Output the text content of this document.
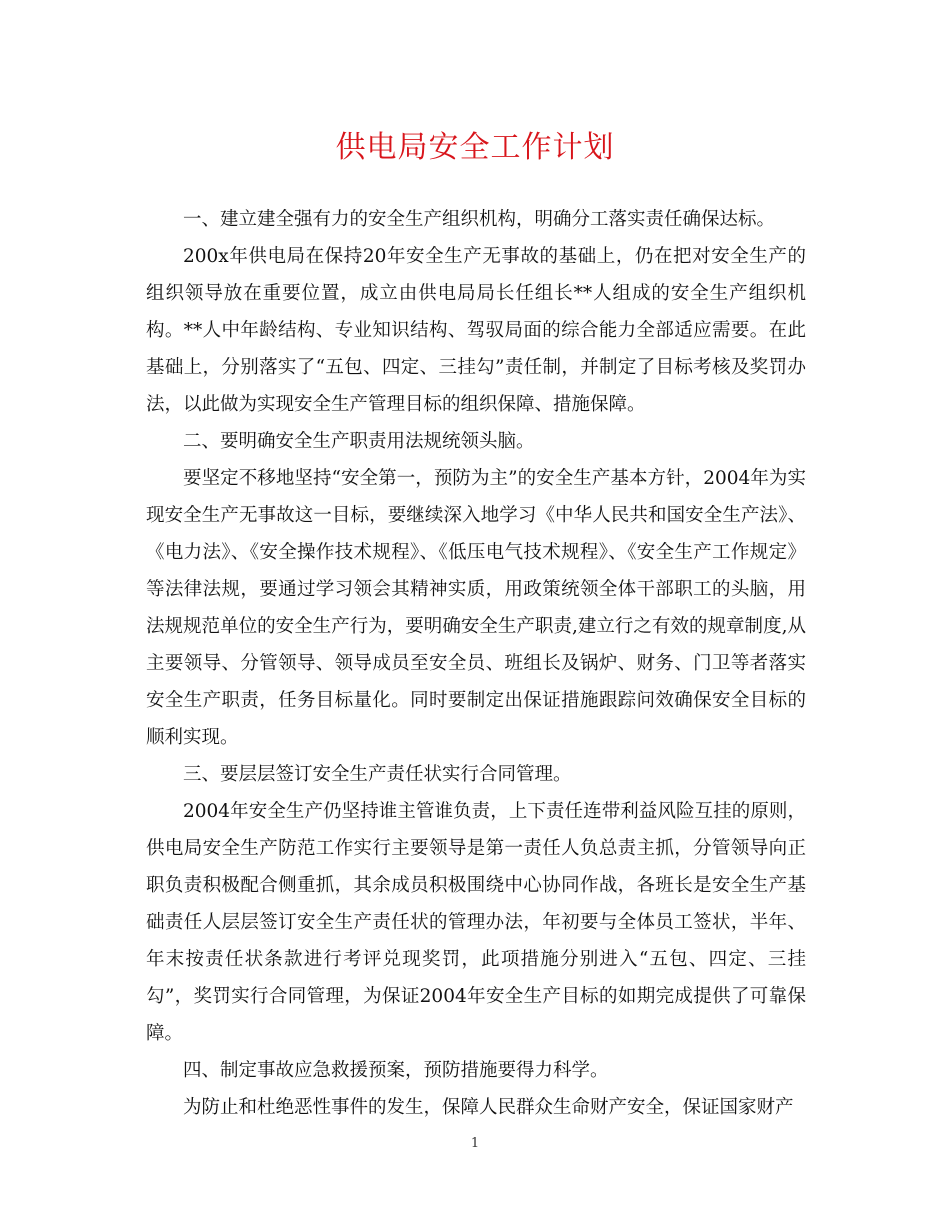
供电局安全工作计划

一、建立建全强有力的安全生产组织机构，明确分工落实责任确保达标。

200x年供电局在保持20年安全生产无事故的基础上，仍在把对安全生产的组织领导放在重要位置，成立由供电局局长任组长**人组成的安全生产组织机构。**人中年龄结构、专业知识结构、驾驭局面的综合能力全部适应需要。在此基础上，分别落实了“五包、四定、三挂勾”责任制，并制定了目标考核及奖罚办法，以此做为实现安全生产管理目标的组织保障、措施保障。

二、要明确安全生产职责用法规统领头脑。

要坚定不移地坚持“安全第一，预防为主”的安全生产基本方针，2004年为实现安全生产无事故这一目标，要继续深入地学习《中华人民共和国安全生产法》、《电力法》、《安全操作技术规程》、《低压电气技术规程》、《安全生产工作规定》等法律法规，要通过学习领会其精神实质，用政策统领全体干部职工的头脑，用法规规范单位的安全生产行为，要明确安全生产职责,建立行之有效的规章制度,从主要领导、分管领导、领导成员至安全员、班组长及锅炉、财务、门卫等者落实安全生产职责，任务目标量化。同时要制定出保证措施跟踪问效确保安全目标的顺利实现。

三、要层层签订安全生产责任状实行合同管理。

2004年安全生产仍坚持谁主管谁负责，上下责任连带利益风险互挂的原则，供电局安全生产防范工作实行主要领导是第一责任人负总责主抓，分管领导向正职负责积极配合侧重抓，其余成员积极围绕中心协同作战，各班长是安全生产基础责任人层层签订安全生产责任状的管理办法，年初要与全体员工签状，半年、年末按责任状条款进行考评兑现奖罚，此项措施分别进入“五包、四定、三挂勾”，奖罚实行合同管理，为保证2004年安全生产目标的如期完成提供了可靠保障。

四、制定事故应急救援预案，预防措施要得力科学。

为防止和杜绝恶性事件的发生，保障人民群众生命财产安全，保证国家财产

1
